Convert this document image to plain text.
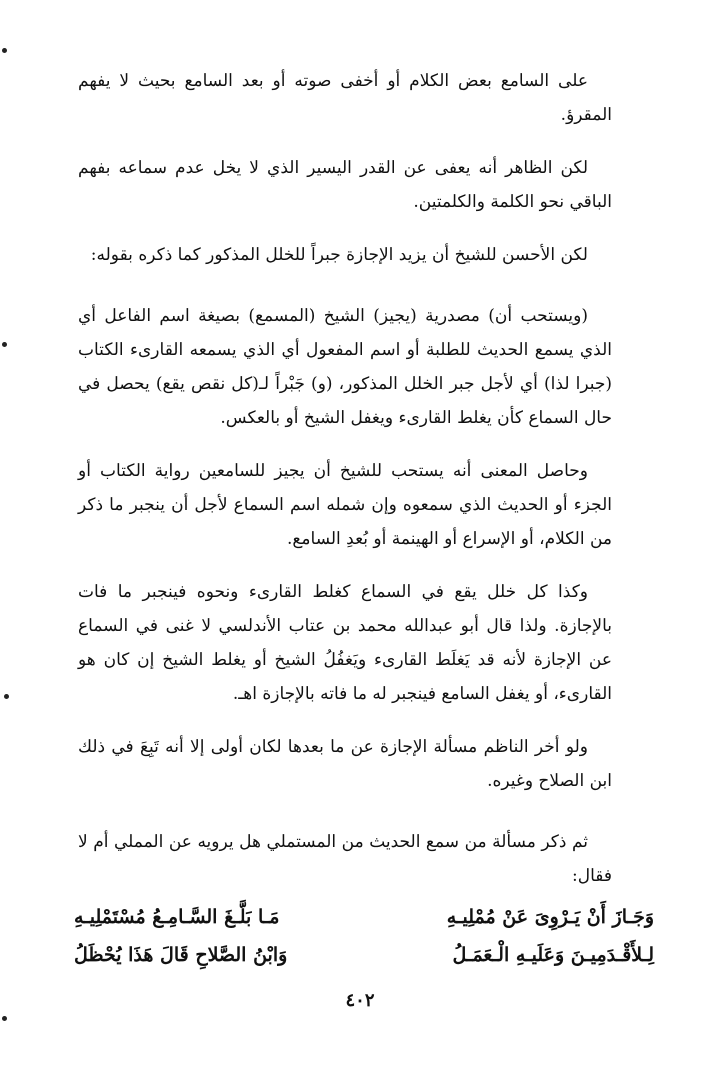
على السامع بعض الكلام أو أخفى صوته أو بعد السامع بحيث لا يفهم المقرؤ.

لكن الظاهر أنه يعفى عن القدر اليسير الذي لا يخل عدم سماعه بفهم الباقي نحو الكلمة والكلمتين.

لكن الأحسن للشيخ أن يزيد الإجازة جبراً للخلل المذكور كما ذكره بقوله:

(ويستحب أن) مصدرية (يجيز) الشيخ (المسمع) بصيغة اسم الفاعل أي الذي يسمع الحديث للطلبة أو اسم المفعول أي الذي يسمعه القارىء الكتاب (جبرا لذا) أي لأجل جبر الخلل المذكور، (و) جَبْراً لـ(كل نقص يقع) يحصل في حال السماع كأن يغلط القارىء ويغفل الشيخ أو بالعكس.

وحاصل المعنى أنه يستحب للشيخ أن يجيز للسامعين رواية الكتاب أو الجزء أو الحديث الذي سمعوه وإن شمله اسم السماع لأجل أن ينجبر ما ذكر من الكلام، أو الإسراع أو الهينمة أو بُعدِ السامع.

وكذا كل خلل يقع في السماع كغلط القارىء ونحوه فينجبر ما فات بالإجازة. ولذا قال أبو عبدالله محمد بن عتاب الأندلسي لا غنى في السماع عن الإجازة لأنه قد يَغلَط القارىء ويَغفُلُ الشيخ أو يغلط الشيخ إن كان هو القارىء، أو يغفل السامع فينجبر له ما فاته بالإجازة اهـ.

ولو أخر الناظم مسألة الإجازة عن ما بعدها لكان أولى إلا أنه تَبِعَ في ذلك ابن الصلاح وغيره.

ثم ذكر مسألة من سمع الحديث من المستملي هل يرويه عن المملي أم لا فقال:

وَجَـازَ أَنْ يَـرْوِىَ عَنْ مُمْلِيـهِ
مَـا بَلَّـغَ السَّـامِـعُ مُسْتَمْلِيـهِ
لِـلأَقْـدَمِيـنَ وَعَلَيـهِ الْـعَمَـلُ
وَابْنُ الصَّلاحِ قَالَ هَذَا يُحْظَلُ
٤٠٢
